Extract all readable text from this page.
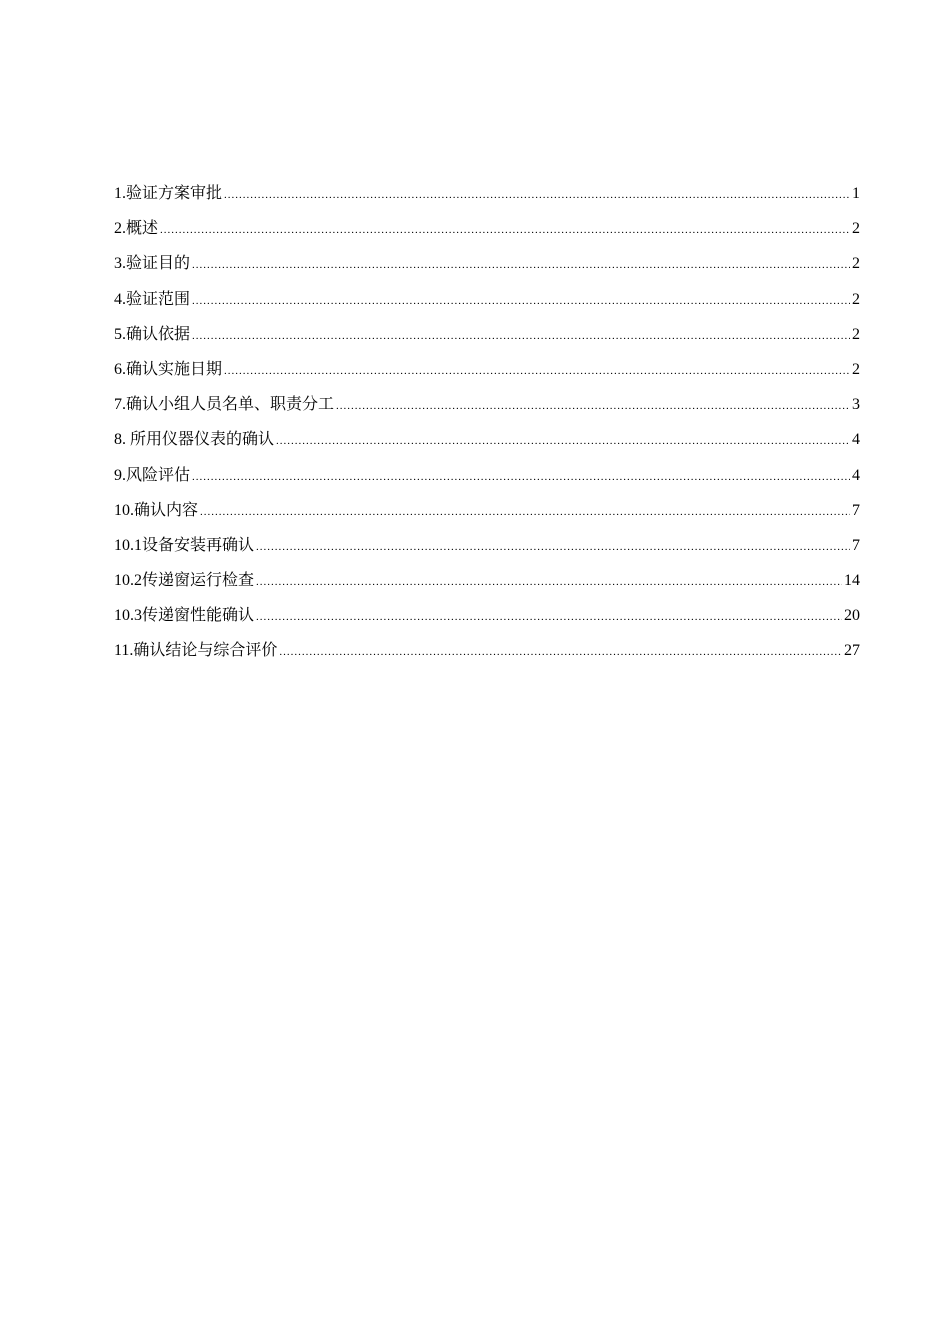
1.验证方案审批 .....	1
2.概述 .....	2
3.验证目的 .....	2
4.验证范围 .....	2
5.确认依据 .....	2
6.确认实施日期 .....	2
7.确认小组人员名单、职责分工 .....	3
8. 所用仪器仪表的确认 .....	4
9.风险评估 .....	4
10.确认内容 .....	7
10.1设备安装再确认 .....	7
10.2传递窗运行检查 .....	14
10.3传递窗性能确认 .....	20
11.确认结论与综合评价 .....	27
